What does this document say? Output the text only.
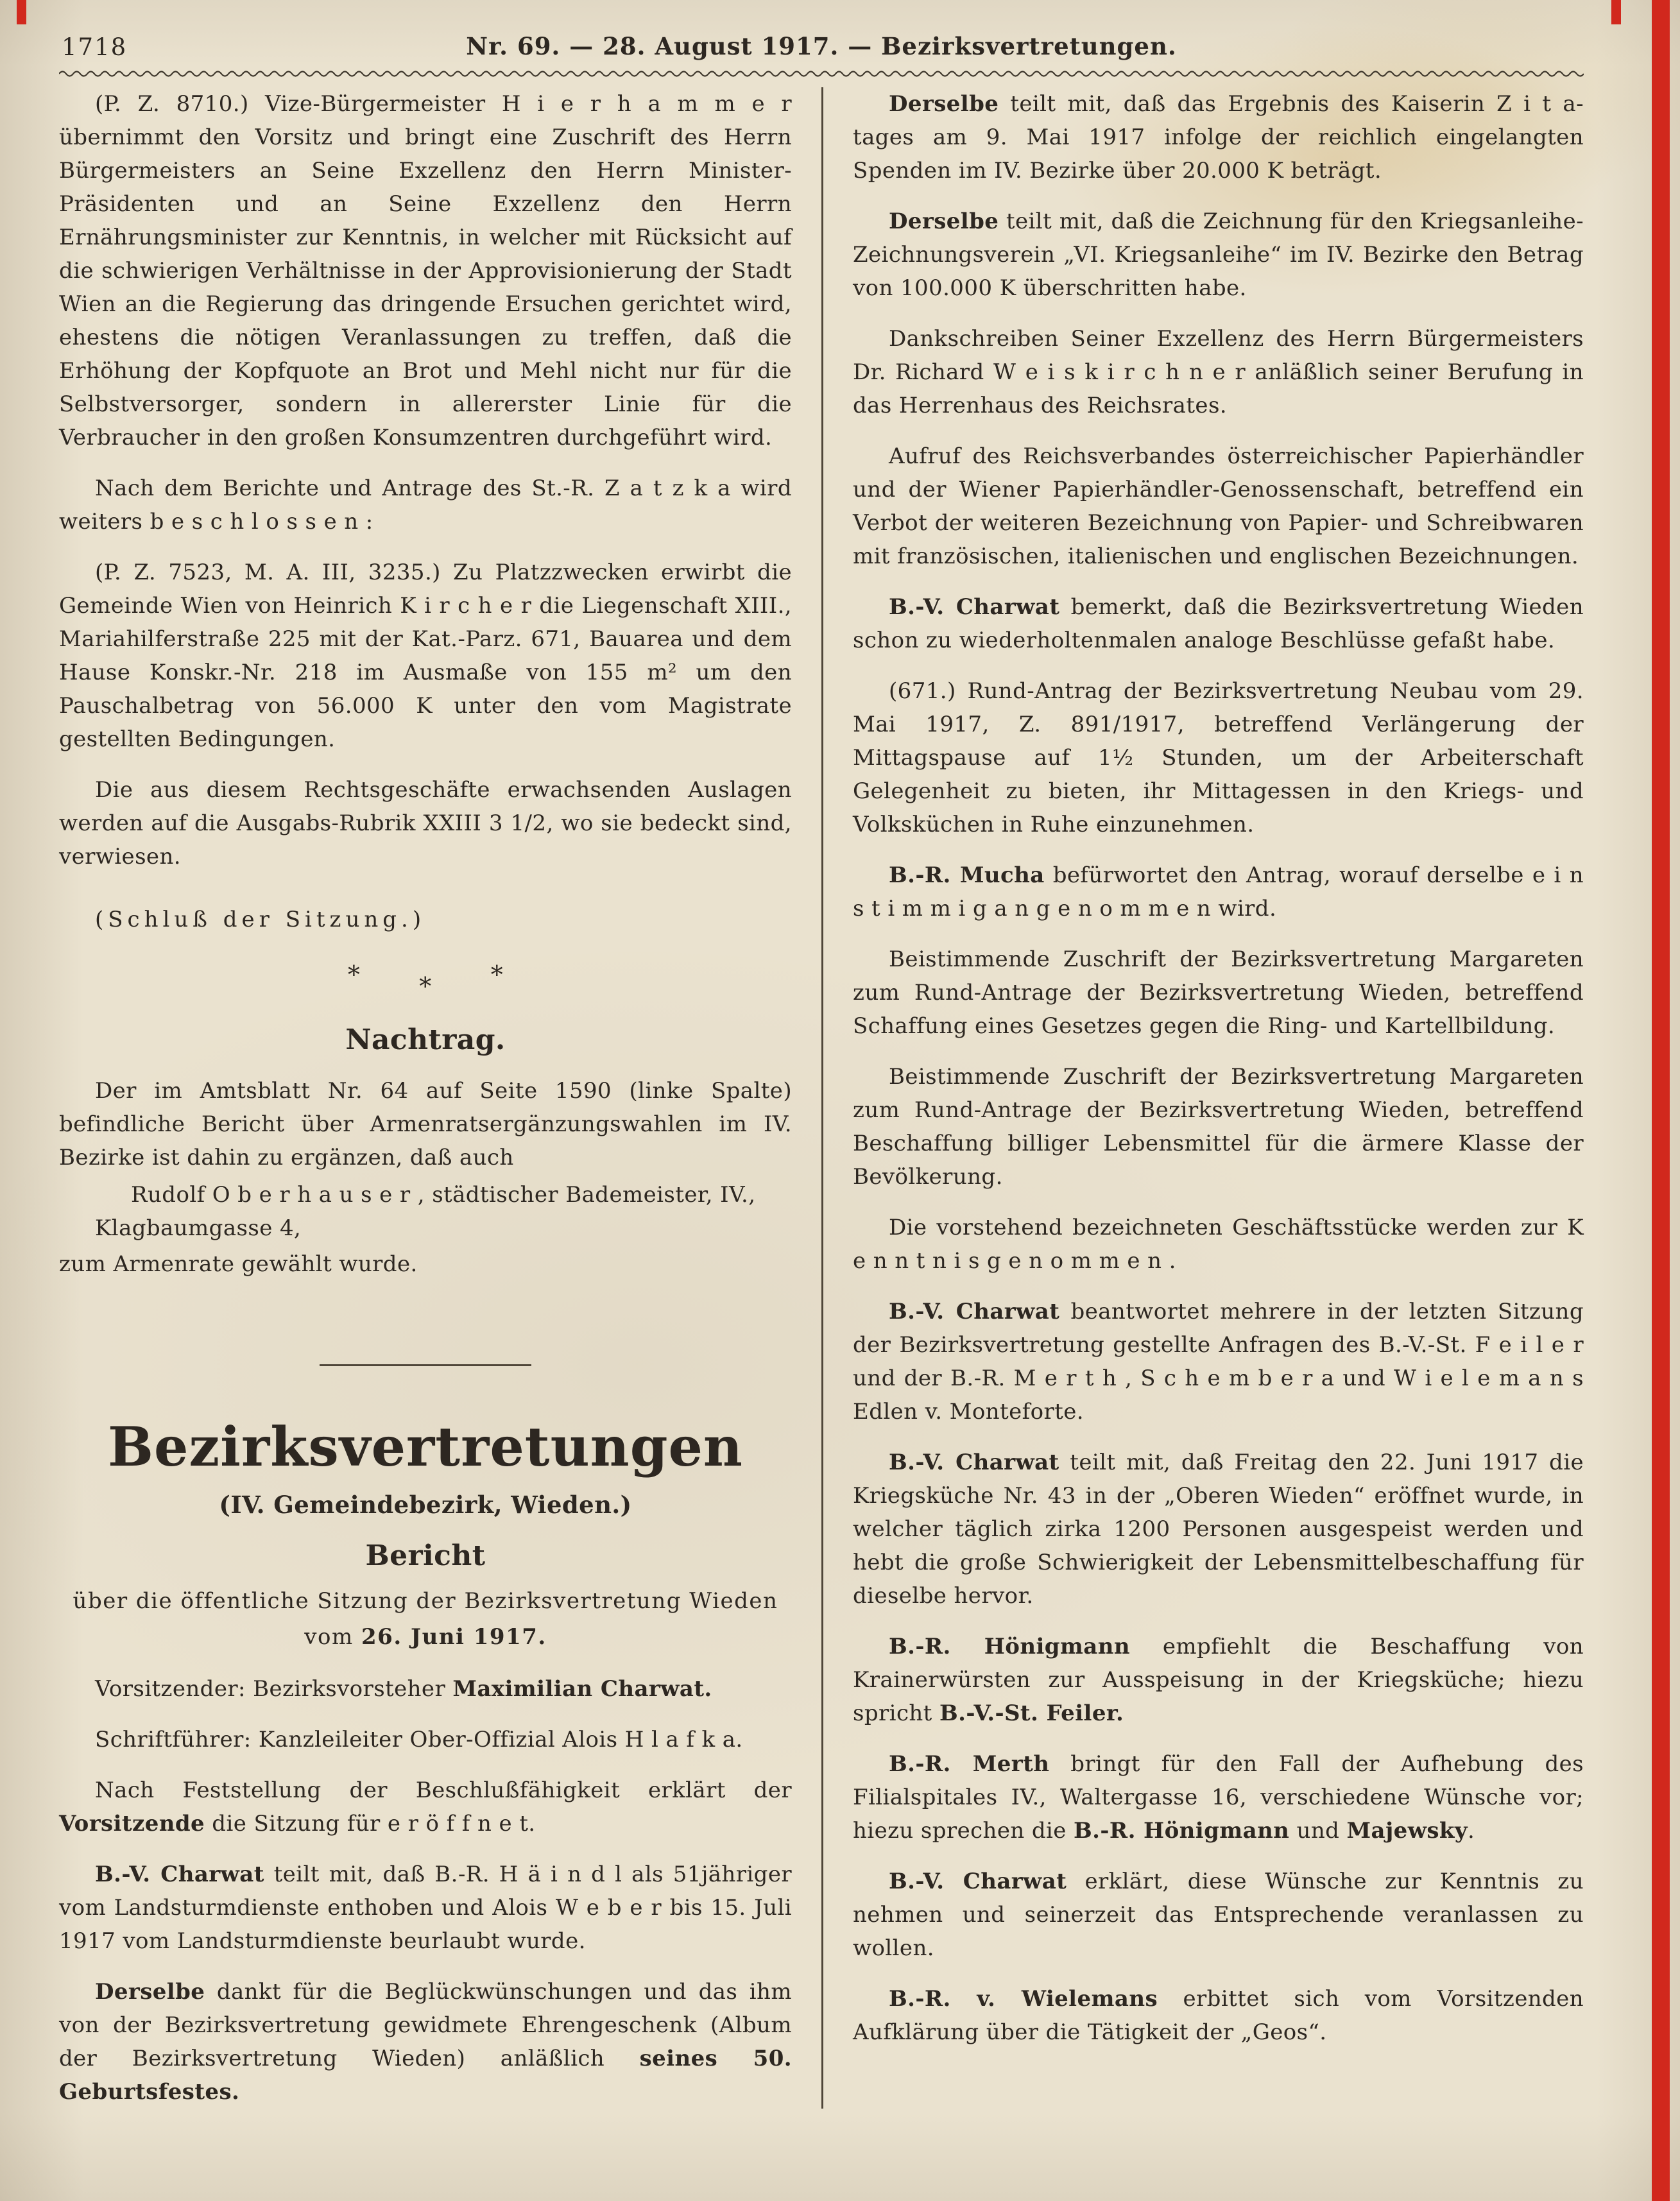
1718	Nr. 69. — 28. August 1917. — Bezirksvertretungen.

(P. Z. 8710.) Vize-Bürgermeister H i e r h a m m e r übernimmt den Vorsitz und bringt eine Zuschrift des Herrn Bürgermeisters an Seine Exzellenz den Herrn Minister-Präsidenten und an Seine Exzellenz den Herrn Ernährungsminister zur Kenntnis, in welcher mit Rücksicht auf die schwierigen Verhältnisse in der Approvisionierung der Stadt Wien an die Regierung das dringende Ersuchen gerichtet wird, ehestens die nötigen Veranlassungen zu treffen, daß die Erhöhung der Kopfquote an Brot und Mehl nicht nur für die Selbstversorger, sondern in allererster Linie für die Verbraucher in den großen Konsumzentren durchgeführt wird.

Nach dem Berichte und Antrage des St.-R. Z a t z k a wird weiters b e s c h l o s s e n :

(P. Z. 7523, M. A. III, 3235.) Zu Platzzwecken erwirbt die Gemeinde Wien von Heinrich K i r c h e r die Liegenschaft XIII., Mariahilferstraße 225 mit der Kat.-Parz. 671, Bauarea und dem Hause Konskr.-Nr. 218 im Ausmaße von 155 m² um den Pauschalbetrag von 56.000 K unter den vom Magistrate gestellten Bedingungen.

Die aus diesem Rechtsgeschäfte erwachsenden Auslagen werden auf die Ausgabs-Rubrik XXIII 3 1/2, wo sie bedeckt sind, verwiesen.

(Schluß der Sitzung.)

* * *

Nachtrag.

Der im Amtsblatt Nr. 64 auf Seite 1590 (linke Spalte) befindliche Bericht über Armenratsergänzungswahlen im IV. Bezirke ist dahin zu ergänzen, daß auch

Rudolf O b e r h a u s e r , städtischer Bademeister, IV., Klagbaumgasse 4,

zum Armenrate gewählt wurde.

Bezirksvertretungen

(IV. Gemeindebezirk, Wieden.)

Bericht

über die öffentliche Sitzung der Bezirksvertretung Wieden vom 26. Juni 1917.

Vorsitzender: Bezirksvorsteher Maximilian Charwat.

Schriftführer: Kanzleileiter Ober-Offizial Alois H l a f k a.

Nach Feststellung der Beschlußfähigkeit erklärt der Vorsitzende die Sitzung für e r ö f f n e t.

B.-V. Charwat teilt mit, daß B.-R. H ä i n d l als 51jähriger vom Landsturmdienste enthoben und Alois W e b e r bis 15. Juli 1917 vom Landsturmdienste beurlaubt wurde.

Derselbe dankt für die Beglückwünschungen und das ihm von der Bezirksvertretung gewidmete Ehrengeschenk (Album der Bezirksvertretung Wieden) anläßlich seines 50. Geburtsfestes.

Derselbe teilt mit, daß das Ergebnis des Kaiserin Z i t a-tages am 9. Mai 1917 infolge der reichlich eingelangten Spenden im IV. Bezirke über 20.000 K beträgt.

Derselbe teilt mit, daß die Zeichnung für den Kriegsanleihe-Zeichnungsverein „VI. Kriegsanleihe“ im IV. Bezirke den Betrag von 100.000 K überschritten habe.

Dankschreiben Seiner Exzellenz des Herrn Bürgermeisters Dr. Richard W e i s k i r c h n e r anläßlich seiner Berufung in das Herrenhaus des Reichsrates.

Aufruf des Reichsverbandes österreichischer Papierhändler und der Wiener Papierhändler-Genossenschaft, betreffend ein Verbot der weiteren Bezeichnung von Papier- und Schreibwaren mit französischen, italienischen und englischen Bezeichnungen.

B.-V. Charwat bemerkt, daß die Bezirksvertretung Wieden schon zu wiederholtenmalen analoge Beschlüsse gefaßt habe.

(671.) Rund-Antrag der Bezirksvertretung Neubau vom 29. Mai 1917, Z. 891/1917, betreffend Verlängerung der Mittagspause auf 1½ Stunden, um der Arbeiterschaft Gelegenheit zu bieten, ihr Mittagessen in den Kriegs- und Volksküchen in Ruhe einzunehmen.

B.-R. Mucha befürwortet den Antrag, worauf derselbe e i n s t i m m i g a n g e n o m m e n wird.

Beistimmende Zuschrift der Bezirksvertretung Margareten zum Rund-Antrage der Bezirksvertretung Wieden, betreffend Schaffung eines Gesetzes gegen die Ring- und Kartellbildung.

Beistimmende Zuschrift der Bezirksvertretung Margareten zum Rund-Antrage der Bezirksvertretung Wieden, betreffend Beschaffung billiger Lebensmittel für die ärmere Klasse der Bevölkerung.

Die vorstehend bezeichneten Geschäftsstücke werden zur K e n n t n i s g e n o m m e n .

B.-V. Charwat beantwortet mehrere in der letzten Sitzung der Bezirksvertretung gestellte Anfragen des B.-V.-St. F e i l e r und der B.-R. M e r t h , S c h e m b e r a und W i e l e m a n s Edlen v. Monteforte.

B.-V. Charwat teilt mit, daß Freitag den 22. Juni 1917 die Kriegsküche Nr. 43 in der „Oberen Wieden“ eröffnet wurde, in welcher täglich zirka 1200 Personen ausgespeist werden und hebt die große Schwierigkeit der Lebensmittelbeschaffung für dieselbe hervor.

B.-R. Hönigmann empfiehlt die Beschaffung von Krainerwürsten zur Ausspeisung in der Kriegsküche; hiezu spricht B.-V.-St. Feiler.

B.-R. Merth bringt für den Fall der Aufhebung des Filialspitales IV., Waltergasse 16, verschiedene Wünsche vor; hiezu sprechen die B.-R. Hönigmann und Majewsky.

B.-V. Charwat erklärt, diese Wünsche zur Kenntnis zu nehmen und seinerzeit das Entsprechende veranlassen zu wollen.

B.-R. v. Wielemans erbittet sich vom Vorsitzenden Aufklärung über die Tätigkeit der „Geos“.
